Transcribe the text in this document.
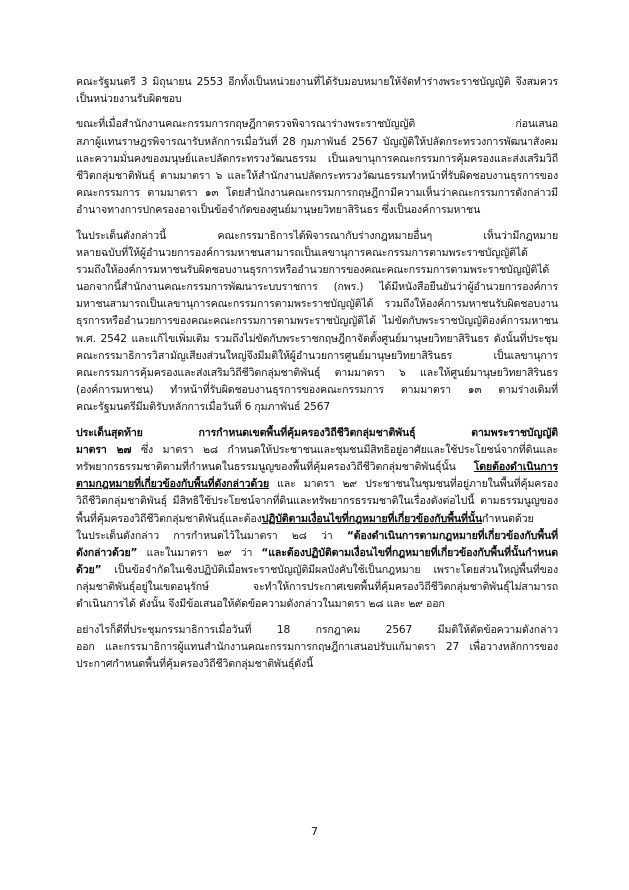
คณะรัฐมนตรี 3 มิถุนายน 2553 อีกทั้งเป็นหน่วยงานที่ได้รับมอบหมายให้จัดทำร่างพระราชบัญญัติ จึงสมควร
เป็นหน่วยงานรับผิดชอบ
ขณะที่เมื่อสำนักงานคณะกรรมการกฤษฎีกาตรวจพิจารณาร่างพระราชบัญญัติ ก่อนเสนอ
สภาผู้แทนราษฎรพิจารณารับหลักการเมื่อวันที่ 28 กุมภาพันธ์ 2567 บัญญัติให้ปลัดกระทรวงการพัฒนาสังคม
และความมั่นคงของมนุษย์และปลัดกระทรวงวัฒนธรรม เป็นเลขานุการคณะกรรมการคุ้มครองและส่งเสริมวิถี
ชีวิตกลุ่มชาติพันธุ์ ตามมาตรา ๖ และให้สำนักงานปลัดกระทรวงวัฒนธรรมทำหน้าที่รับผิดชอบงานธุรการของ
คณะกรรมการ ตามมาตรา ๑๓ โดยสำนักงานคณะกรรมการกฤษฎีกามีความเห็นว่าคณะกรรมการดังกล่าวมี
อำนาจทางการปกครองอาจเป็นข้อจำกัดของศูนย์มานุษยวิทยาสิรินธร ซึ่งเป็นองค์การมหาชน
ในประเด็นดังกล่าวนี้ คณะกรรมาธิการได้พิจารณากับร่างกฎหมายอื่นๆ เห็นว่ามีกฎหมาย
หลายฉบับที่ให้ผู้อำนวยการองค์การมหาชนสามารถเป็นเลขานุการคณะกรรมการตามพระราชบัญญัติได้
รวมถึงให้องค์การมหาชนรับผิดชอบงานธุรการหรืออำนวยการของคณะคณะกรรมการตามพระราชบัญญัติได้
นอกจากนี้สำนักงานคณะกรรมการพัฒนาระบบราชการ (กพร.) ได้มีหนังสือยืนยันว่าผู้อำนวยการองค์การ
มหาชนสามารถเป็นเลขานุการคณะกรรมการตามพระราชบัญญัติได้ รวมถึงให้องค์การมหาชนรับผิดชอบงาน
ธุรการหรืออำนวยการของคณะคณะกรรมการตามพระราชบัญญัติได้ ไม่ขัดกับพระราชบัญญัติองค์การมหาชน
พ.ศ. 2542 และแก้ไขเพิ่มเติม รวมถึงไม่ขัดกับพระราชกฤษฎีกาจัดตั้งศูนย์มานุษยวิทยาสิรินธร ดังนั้นที่ประชุม
คณะกรรมาธิการวิสามัญเสียงส่วนใหญ่จึงมีมติให้ผู้อำนวยการศูนย์มานุษยวิทยาสิรินธร เป็นเลขานุการ
คณะกรรมการคุ้มครองและส่งเสริมวิถีชีวิตกลุ่มชาติพันธุ์ ตามมาตรา ๖ และให้ศูนย์มานุษยวิทยาสิรินธร
(องค์การมหาชน) ทำหน้าที่รับผิดชอบงานธุรการของคณะกรรมการ ตามมาตรา ๑๓ ตามร่างเดิมที่
คณะรัฐมนตรีมีมติรับหลักการเมื่อวันที่ 6 กุมภาพันธ์ 2567
ประเด็นสุดท้าย การกำหนดเขตพื้นที่คุ้มครองวิถีชีวิตกลุ่มชาติพันธุ์ ตามพระราชบัญญัติ
มาตรา ๒๗ ซึ่ง มาตรา ๒๘ กำหนดให้ประชาชนและชุมชนมีสิทธิอยู่อาศัยและใช้ประโยชน์จากที่ดินและ
ทรัพยากรธรรมชาติตามที่กำหนดในธรรมนูญของพื้นที่คุ้มครองวิถีชีวิตกลุ่มชาติพันธุ์นั้น โดยต้องดำเนินการ
ตามกฎหมายที่เกี่ยวข้องกับพื้นที่ดังกล่าวด้วย และ มาตรา ๒๙ ประชาชนในชุมชนที่อยู่ภายในพื้นที่คุ้มครอง
วิถีชีวิตกลุ่มชาติพันธุ์ มีสิทธิใช้ประโยชน์จากที่ดินและทรัพยากรธรรมชาติในเรื่องดังต่อไปนี้ ตามธรรมนูญของ
พื้นที่คุ้มครองวิถีชีวิตกลุ่มชาติพันธุ์และต้องปฏิบัติตามเงื่อนไขที่กฎหมายที่เกี่ยวข้องกับพื้นที่นั้นกำหนดด้วย
ในประเด็นดังกล่าว การกำหนดไว้ในมาตรา ๒๘ ว่า “ต้องดำเนินการตามกฎหมายที่เกี่ยวข้องกับพื้นที่
ดังกล่าวด้วย” และในมาตรา ๒๙ ว่า “และต้องปฏิบัติตามเงื่อนไขที่กฎหมายที่เกี่ยวข้องกับพื้นที่นั้นกำหนด
ด้วย” เป็นข้อจำกัดในเชิงปฏิบัติเมื่อพระราชบัญญัติมีผลบังคับใช้เป็นกฎหมาย เพราะโดยส่วนใหญ่พื้นที่ของ
กลุ่มชาติพันธุ์อยู่ในเขตอนุรักษ์ จะทำให้การประกาศเขตพื้นที่คุ้มครองวิถีชีวิตกลุ่มชาติพันธุ์ไม่สามารถ
ดำเนินการได้ ดังนั้น จึงมีข้อเสนอให้ตัดข้อความดังกล่าวในมาตรา ๒๘ และ ๒๙ ออก
อย่างไรก็ดีที่ประชุมกรรมาธิการเมื่อวันที่ 18 กรกฎาคม 2567 มีมติให้ตัดข้อความดังกล่าว
ออก และกรรมาธิการผู้แทนสำนักงานคณะกรรมการกฤษฎีกาเสนอปรับแก้มาตรา 27 เพื่อวางหลักการของ
ประกาศกำหนดพื้นที่คุ้มครองวิถีชีวิตกลุ่มชาติพันธุ์ดังนี้
7
